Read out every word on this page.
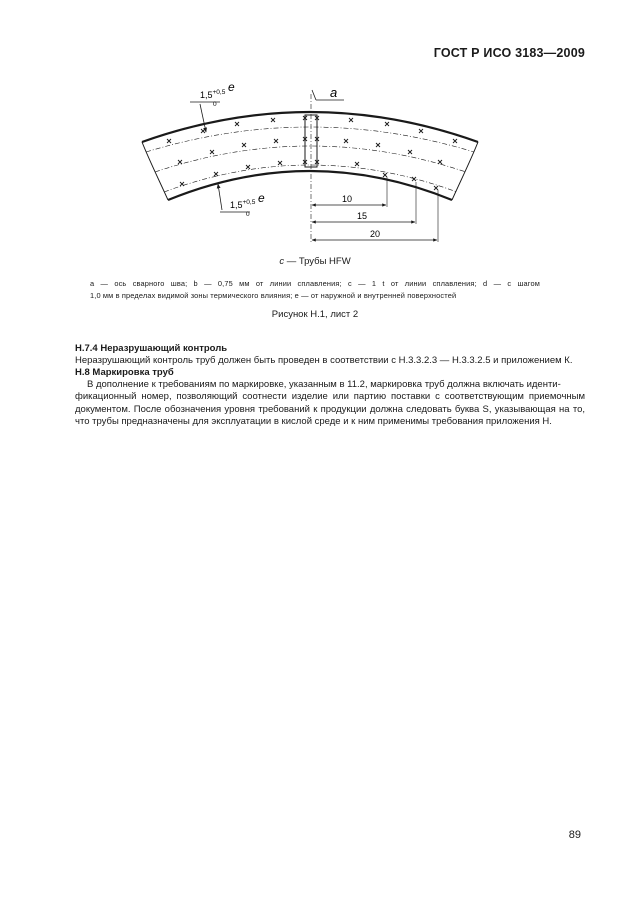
ГОСТ Р ИСО 3183—2009
a
$1,5^{+0,5}$
0
e
$1,5^{+0,5}$
0
e	10
15
20
c — Трубы HFW
a — ось сварного шва; b — 0,75 мм от линии сплавления; c — 1 t от линии сплавления; d — с шагом
1,0 мм в пределах видимой зоны термического влияния; e — от наружной и внутренней поверхностей
Рисунок Н.1, лист 2
Н.7.4 Неразрушающий контроль
Неразрушающий контроль труб должен быть проведен в соответствии с Н.3.3.2.3 — Н.3.3.2.5 и приложением К.
Н.8 Маркировка труб
В дополнение к требованиям по маркировке, указанным в 11.2, маркировка труб должна включать иденти-
фикационный номер, позволяющий соотнести изделие или партию поставки с соответствующим приемочным документом. После обозначения уровня требований к продукции должна следовать буква S, указывающая на то, что трубы предназначены для эксплуатации в кислой среде и к ним применимы требования приложения Н.
89
